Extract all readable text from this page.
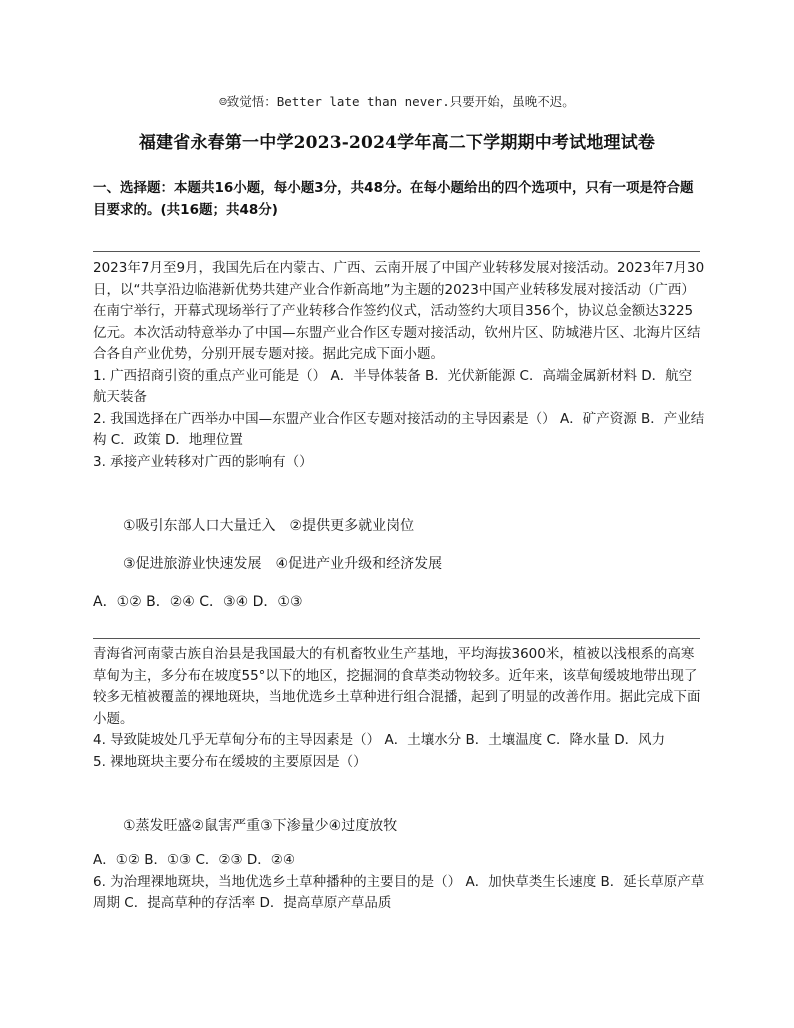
☺致觉悟：Better late than never.只要开始，虽晚不迟。
福建省永春第一中学2023-2024学年高二下学期期中考试地理试卷
一、选择题：本题共16小题，每小题3分，共48分。在每小题给出的四个选项中，只有一项是符合题目要求的。(共16题；共48分)

2023年7月至9月，我国先后在内蒙古、广西、云南开展了中国产业转移发展对接活动。2023年7月30日，以“共享沿边临港新优势共建产业合作新高地”为主题的2023中国产业转移发展对接活动（广西）在南宁举行，开幕式现场举行了产业转移合作签约仪式，活动签约大项目356个，协议总金额达3225亿元。本次活动特意举办了中国—东盟产业合作区专题对接活动，钦州片区、防城港片区、北海片区结合各自产业优势，分别开展专题对接。据此完成下面小题。

1. 广西招商引资的重点产业可能是（） A．半导体装备 B．光伏新能源 C．高端金属新材料 D．航空航天装备

2. 我国选择在广西举办中国—东盟产业合作区专题对接活动的主导因素是（） A．矿产资源 B．产业结构 C．政策 D．地理位置

3. 承接产业转移对广西的影响有（）

①吸引东部人口大量迁入　②提供更多就业岗位
③促进旅游业快速发展　④促进产业升级和经济发展
A．①② B．②④ C．③④ D．①③

青海省河南蒙古族自治县是我国最大的有机畜牧业生产基地，平均海拔3600米，植被以浅根系的高寒草甸为主，多分布在坡度55°以下的地区，挖掘洞的食草类动物较多。近年来，该草甸缓坡地带出现了较多无植被覆盖的裸地斑块，当地优选乡土草种进行组合混播，起到了明显的改善作用。据此完成下面小题。

4. 导致陡坡处几乎无草甸分布的主导因素是（） A．土壤水分 B．土壤温度 C．降水量 D．风力

5. 裸地斑块主要分布在缓坡的主要原因是（）

①蒸发旺盛②鼠害严重③下渗量少④过度放牧

A．①② B．①③ C．②③ D．②④

6. 为治理裸地斑块，当地优选乡土草种播种的主要目的是（） A．加快草类生长速度 B．延长草原产草周期 C．提高草种的存活率 D．提高草原产草品质
